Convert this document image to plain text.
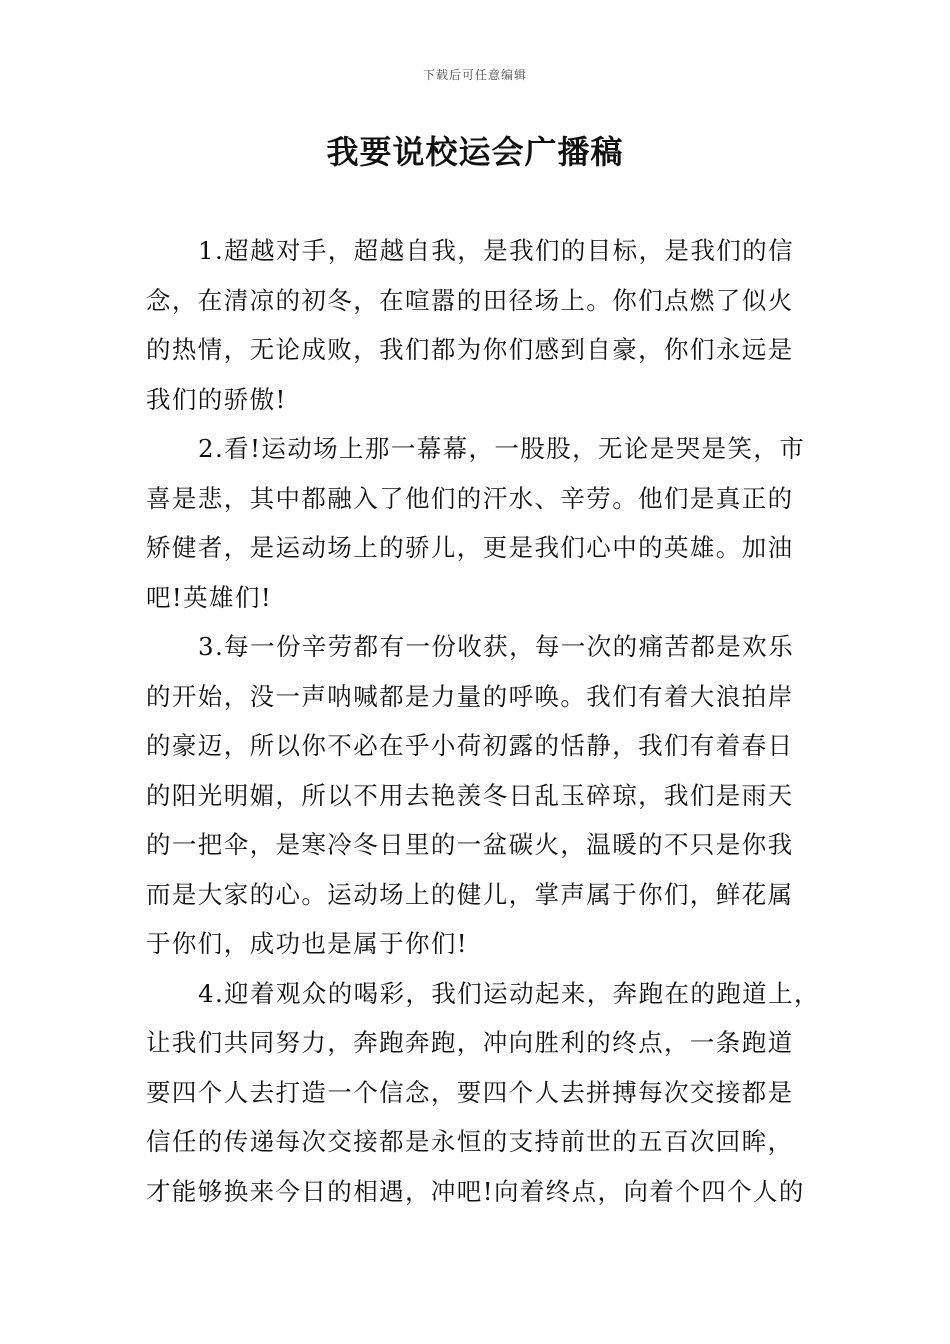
下载后可任意编辑
我要说校运会广播稿
1.超越对手，超越自我，是我们的目标，是我们的信
念，在清凉的初冬，在喧嚣的田径场上。你们点燃了似火
的热情，无论成败，我们都为你们感到自豪，你们永远是
我们的骄傲!
2.看!运动场上那一幕幕，一股股，无论是哭是笑，市
喜是悲，其中都融入了他们的汗水、辛劳。他们是真正的
矫健者，是运动场上的骄儿，更是我们心中的英雄。加油
吧!英雄们!
3.每一份辛劳都有一份收获，每一次的痛苦都是欢乐
的开始，没一声呐喊都是力量的呼唤。我们有着大浪拍岸
的豪迈，所以你不必在乎小荷初露的恬静，我们有着春日
的阳光明媚，所以不用去艳羡冬日乱玉碎琼，我们是雨天
的一把伞，是寒冷冬日里的一盆碳火，温暖的不只是你我
而是大家的心。运动场上的健儿，掌声属于你们，鲜花属
于你们，成功也是属于你们!
4.迎着观众的喝彩，我们运动起来，奔跑在的跑道上，
让我们共同努力，奔跑奔跑，冲向胜利的终点，一条跑道
要四个人去打造一个信念，要四个人去拼搏每次交接都是
信任的传递每次交接都是永恒的支持前世的五百次回眸，
才能够换来今日的相遇，冲吧!向着终点，向着个四个人的
